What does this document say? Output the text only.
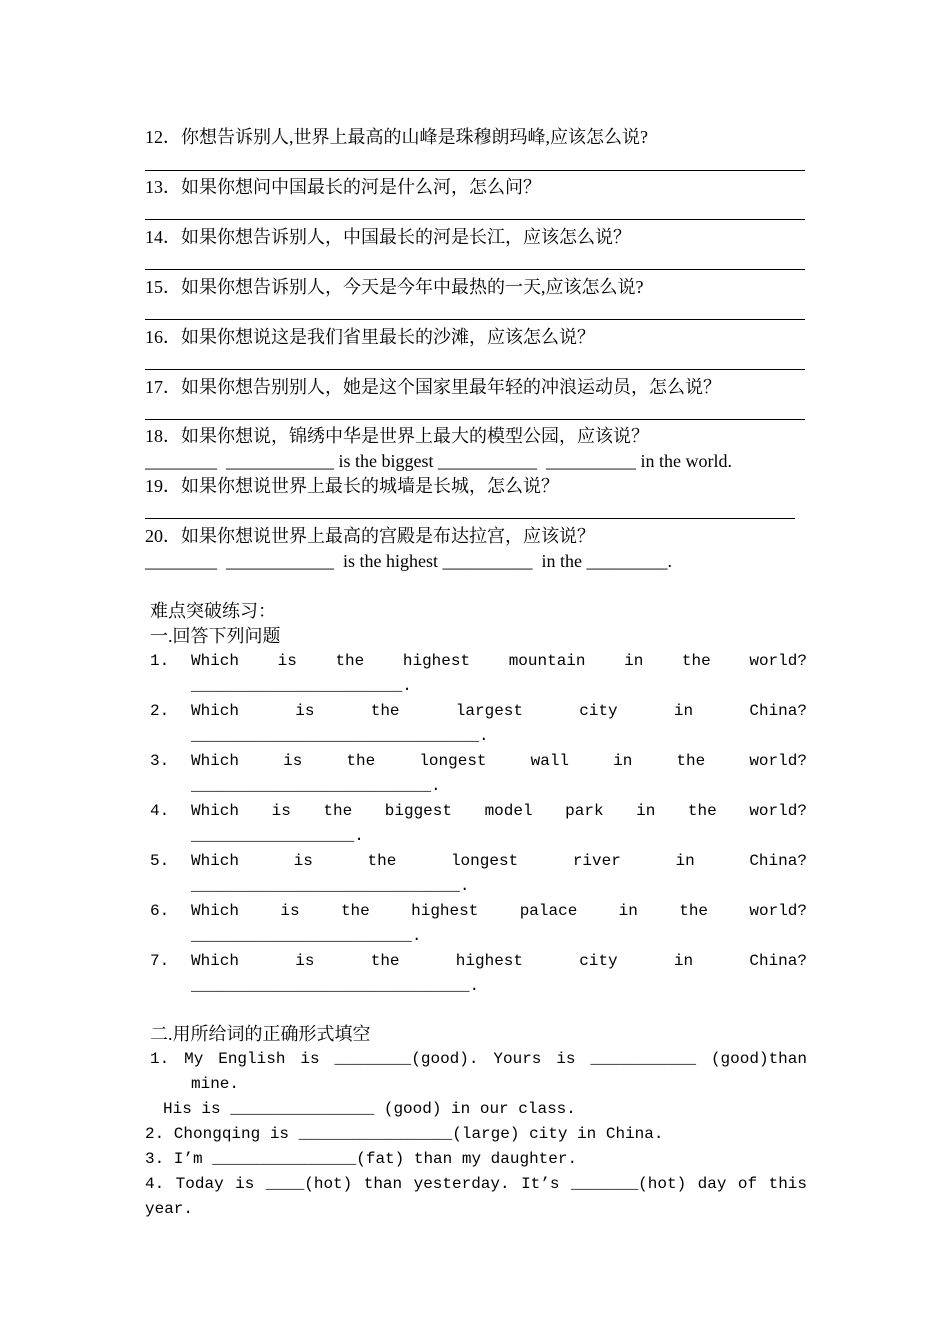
12．你想告诉别人,世界上最高的山峰是珠穆朗玛峰,应该怎么说?
13．如果你想问中国最长的河是什么河，怎么问？
14．如果你想告诉别人，中国最长的河是长江，应该怎么说？
15．如果你想告诉别人，今天是今年中最热的一天,应该怎么说?
16．如果你想说这是我们省里最长的沙滩，应该怎么说？
17．如果你想告别别人，她是这个国家里最年轻的冲浪运动员，怎么说？
18．如果你想说，锦绣中华是世界上最大的模型公园，应该说？
________  ____________ is the biggest ___________  __________ in the world.
19．如果你想说世界上最长的城墙是长城，怎么说？
20．如果你想说世界上最高的宫殿是布达拉宫，应该说？
________  ____________  is the highest __________  in the _________.
难点突破练习：
一.回答下列问题
1. Which is the highest mountain in the world?
______________________.
2. Which	is	the	largest	city	in	China?
______________________________.
3. Which	is	the	longest	wall	in	the	world?
_________________________.
4. Which is the biggest model park in the world?
_________________.
5. Which	is	the	longest	river	in	China?
____________________________.
6. Which	is	the	highest	palace	in	the	world?
_______________________.
7. Which	is	the	highest	city	in	China?
_____________________________.
二.用所给词的正确形式填空
1. My English is ________(good). Yours is ___________ (good)than
mine.
His is _______________ (good) in our class.
2. Chongqing is ________________(large) city in China.
3. I’m _______________(fat) than my daughter.
4. Today is ____(hot) than yesterday. It’s _______(hot) day of this
year.
